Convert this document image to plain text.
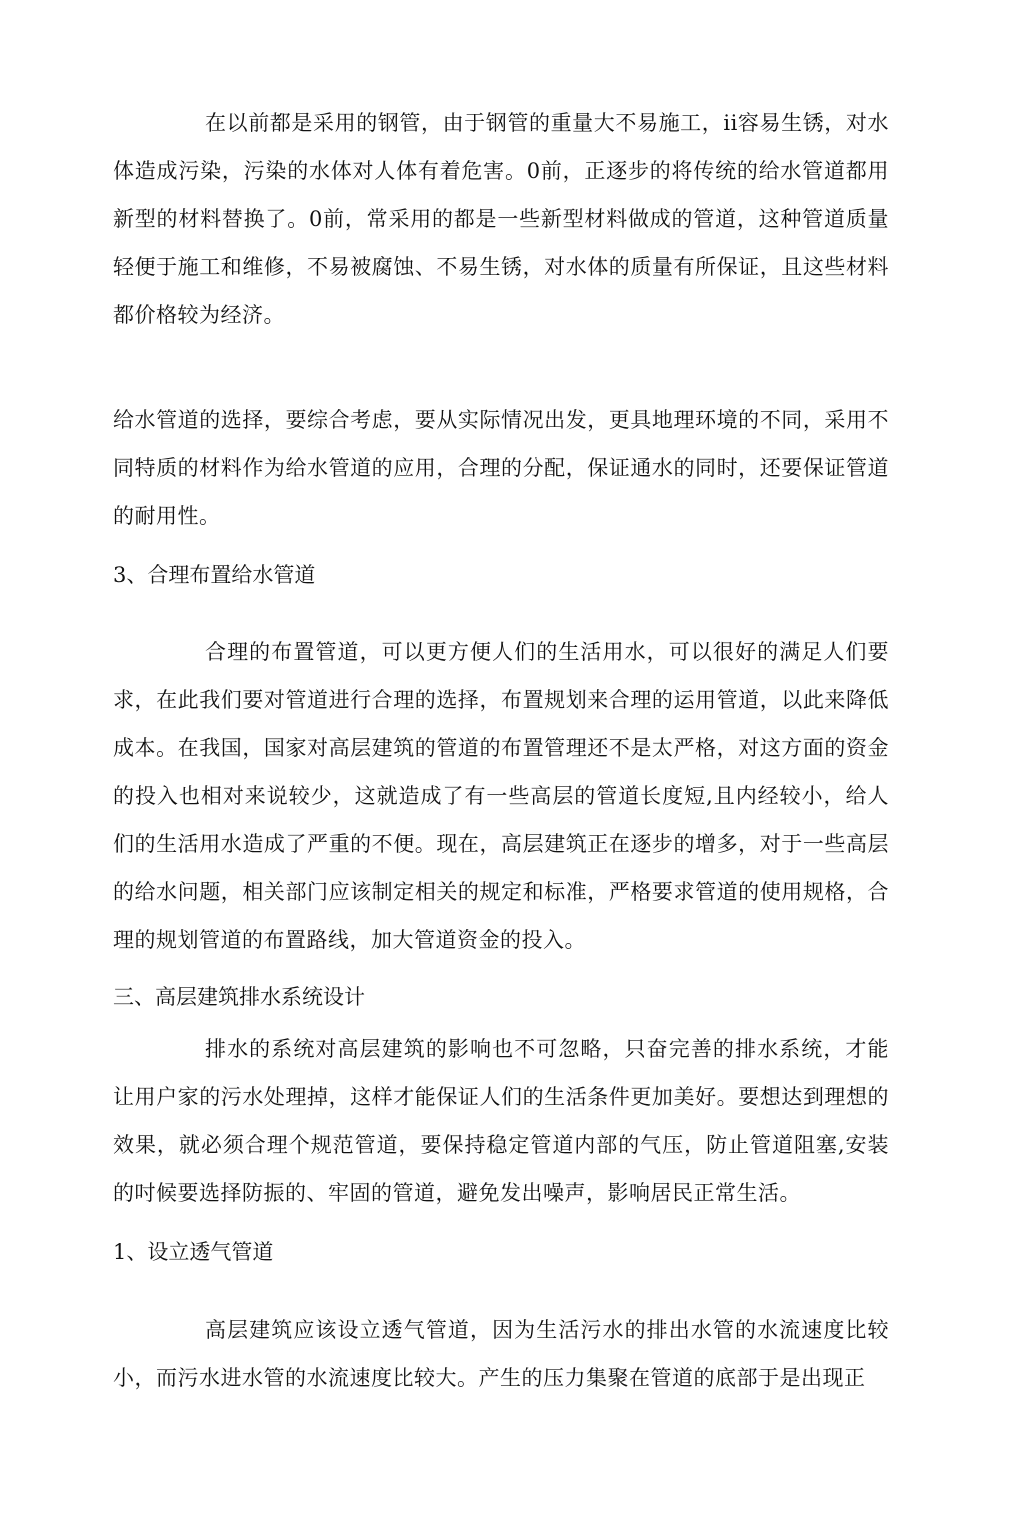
在以前都是采用的钢管，由于钢管的重量大不易施工，ii容易生锈，对水体造成污染，污染的水体对人体有着危害。0前，正逐步的将传统的给水管道都用新型的材料替换了。0前，常采用的都是一些新型材料做成的管道，这种管道质量轻便于施工和维修，不易被腐蚀、不易生锈，对水体的质量有所保证，且这些材料都价格较为经济。

给水管道的选择，要综合考虑，要从实际情况出发，更具地理环境的不同，采用不同特质的材料作为给水管道的应用，合理的分配，保证通水的同时，还要保证管道的耐用性。

3、合理布置给水管道

合理的布置管道，可以更方便人们的生活用水，可以很好的满足人们要求，在此我们要对管道进行合理的选择，布置规划来合理的运用管道，以此来降低成本。在我国，国家对高层建筑的管道的布置管理还不是太严格，对这方面的资金的投入也相对来说较少，这就造成了有一些高层的管道长度短,且内经较小，给人们的生活用水造成了严重的不便。现在，高层建筑正在逐步的增多，对于一些高层的给水问题，相关部门应该制定相关的规定和标准，严格要求管道的使用规格，合理的规划管道的布置路线，加大管道资金的投入。

三、高层建筑排水系统设计

排水的系统对高层建筑的影响也不可忽略，只奋完善的排水系统，才能让用户家的污水处理掉，这样才能保证人们的生活条件更加美好。要想达到理想的效果，就必须合理个规范管道，要保持稳定管道内部的气压，防止管道阻塞,安装的吋候要选择防振的、牢固的管道，避免发出噪声，影响居民正常生活。

1、设立透气管道

高层建筑应该设立透气管道，因为生活污水的排出水管的水流速度比较小，而污水进水管的水流速度比较大。产生的压力集聚在管道的底部于是出现正
